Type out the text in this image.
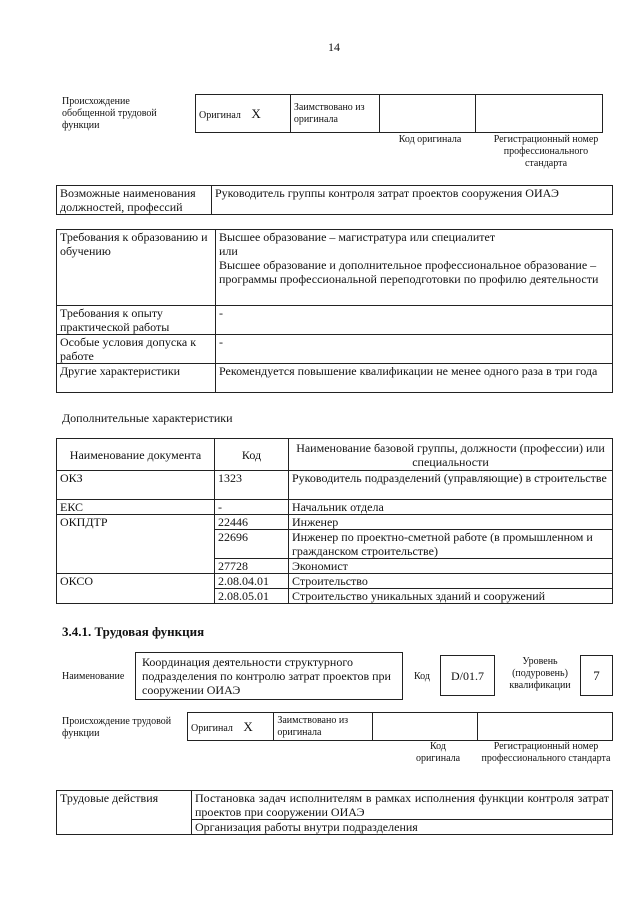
14
Происхождение обобщенной трудовой функции
Оригинал X	Заимствовано из оригинала		
Код оригинала	Регистрационный номер профессионального стандарта
Возможные наименования должностей, профессий	Руководитель группы контроля затрат проектов сооружения ОИАЭ
Требования к образованию и обучению	Высшее образование – магистратура или специалитет
или
Высшее образование и дополнительное профессиональное образование – программы профессиональной переподготовки по профилю деятельности

Требования к опыту практической работы	-
Особые условия допуска к работе	-
Другие характеристики	Рекомендуется повышение квалификации не менее одного раза в три года
Дополнительные характеристики
Наименование документа	Код	Наименование базовой группы, должности (профессии) или специальности
ОКЗ	1323	Руководитель подразделений (управляющие) в строительстве
ЕКС	-	Начальник отдела
ОКПДТР	22446	Инженер
	22696	Инженер по проектно-сметной работе (в промышленном и гражданском строительстве)
	27728	Экономист
ОКСО	2.08.04.01	Строительство
	2.08.05.01	Строительство уникальных зданий и сооружений
3.4.1. Трудовая функция
Наименование
Координация деятельности структурного подразделения по контролю затрат проектов при сооружении ОИАЭ
Код D/01.7
Уровень (подуровень) квалификации
7
Происхождение трудовой функции	Оригинал X	Заимствовано из оригинала		
Код оригинала
Регистрационный номер профессионального стандарта
Трудовые действия	Постановка задач исполнителям в рамках исполнения функции контроля затрат проектов при сооружении ОИАЭ
Организация работы внутри подразделения
